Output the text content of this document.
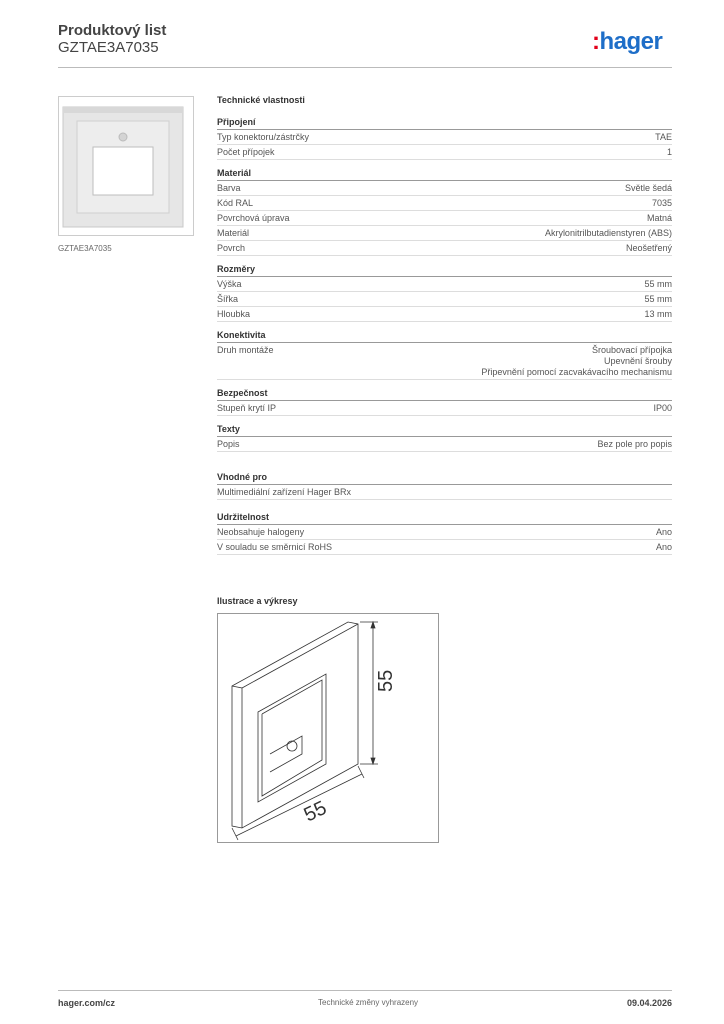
Produktový list
GZTAE3A7035	:hager
GZTAE3A7035
Technické vlastnosti
Připojení
Typ konektoru/zástrčky	TAE
Počet přípojek	1
Materiál
Barva	Světle šedá
Kód RAL	7035
Povrchová úprava	Matná
Materiál	Akrylonitrilbutadienstyren (ABS)
Povrch	Neošetřený
Rozměry
Výška	55 mm
Šířka	55 mm
Hloubka	13 mm
Konektivita
Druh montáže	Šroubovací přípojka
Upevnění šrouby
Připevnění pomocí zacvakávacího mechanismu
Bezpečnost
Stupeň krytí IP	IP00
Texty
Popis	Bez pole pro popis
Vhodné pro
Multimediální zařízení Hager BRx
Udržitelnost
Neobsahuje halogeny	Ano
V souladu se směrnicí RoHS	Ano
Ilustrace a výkresy
55
55
hager.com/cz	Technické změny vyhrazeny	09.04.2026
